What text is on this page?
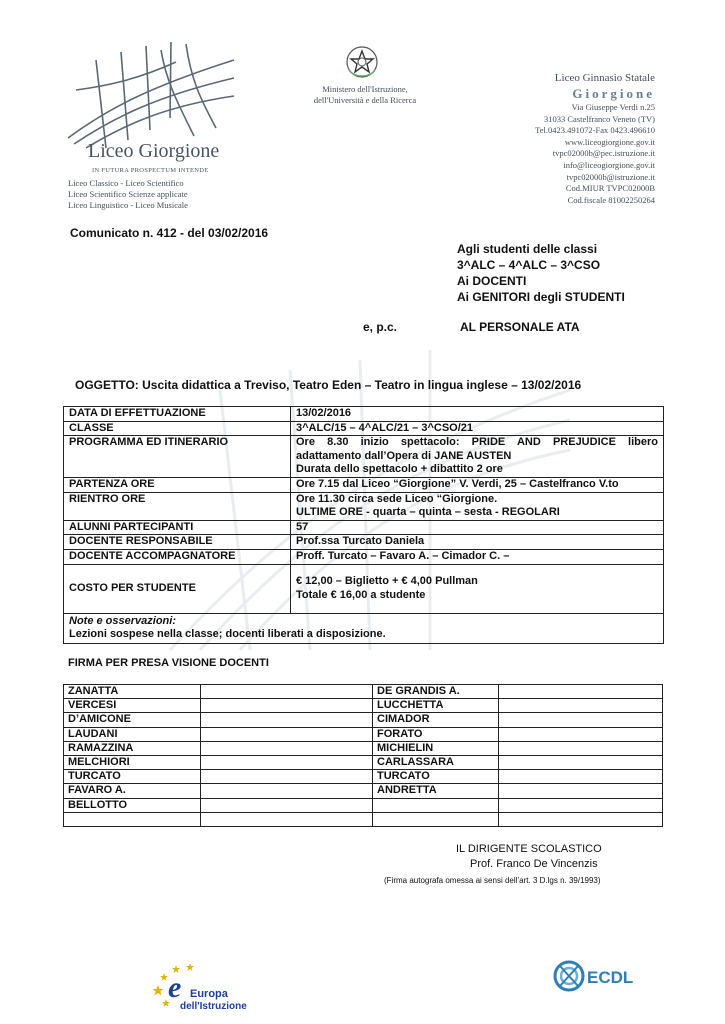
Liceo Giorgione
IN FUTURA PROSPECTUM INTENDE
Liceo Classico - Liceo Scientifico
Liceo Scientifico Scienze applicate
Liceo Linguistico - Liceo Musicale
Ministero dell'Istruzione,
dell'Università e della Ricerca
Liceo Ginnasio Statale
Giorgione
Via Giuseppe Verdi n.25
31033 Castelfranco Veneto (TV)
Tel.0423.491072-Fax 0423.496610
www.liceogiorgione.gov.it
tvpc02000b@pec.istruzione.it
info@liceogiorgione.gov.it
tvpc02000b@istruzione.it
Cod.MIUR TVPC02000B
Cod.fiscale 81002250264
Comunicato n. 412 - del 03/02/2016
Agli studenti delle classi
3^ALC – 4^ALC – 3^CSO
Ai DOCENTI
Ai GENITORI degli STUDENTI
e, p.c.	AL PERSONALE ATA
OGGETTO: Uscita didattica a Treviso, Teatro Eden – Teatro in lingua inglese – 13/02/2016
DATA DI EFFETTUAZIONE	13/02/2016
CLASSE	3^ALC/15 – 4^ALC/21 – 3^CSO/21
PROGRAMMA ED ITINERARIO	Ore 8.30 inizio spettacolo: PRIDE AND PREJUDICE libero adattamento dall’Opera di JANE AUSTEN
Durata dello spettacolo + dibattito 2 ore

PARTENZA ORE	Ore 7.15 dal Liceo “Giorgione” V. Verdi, 25 – Castelfranco V.to
RIENTRO ORE	Ore 11.30 circa sede Liceo “Giorgione.
ULTIME ORE - quarta – quinta – sesta - REGOLARI

ALUNNI PARTECIPANTI	57
DOCENTE RESPONSABILE	Prof.ssa Turcato Daniela
DOCENTE ACCOMPAGNATORE	Proff. Turcato – Favaro A. – Cimador C. –
COSTO PER STUDENTE	€ 12,00 – Biglietto + € 4,00 Pullman
Totale € 16,00 a studente

Note e osservazioni:
Lezioni sospese nella classe; docenti liberati a disposizione.	
FIRMA PER PRESA VISIONE DOCENTI
ZANATTA		DE GRANDIS A.	
VERCESI		LUCCHETTA	
D’AMICONE		CIMADOR	
LAUDANI		FORATO	
RAMAZZINA		MICHIELIN	
MELCHIORI		CARLASSARA	
TURCATO		TURCATO	
FAVARO A.		ANDRETTA	
BELLOTTO			

IL DIRIGENTE SCOLASTICO
Prof. Franco De Vincenzis
(Firma autografa omessa ai sensi dell’art. 3 D.lgs n. 39/1993)
e Europa
dell'Istruzione
ECDL
